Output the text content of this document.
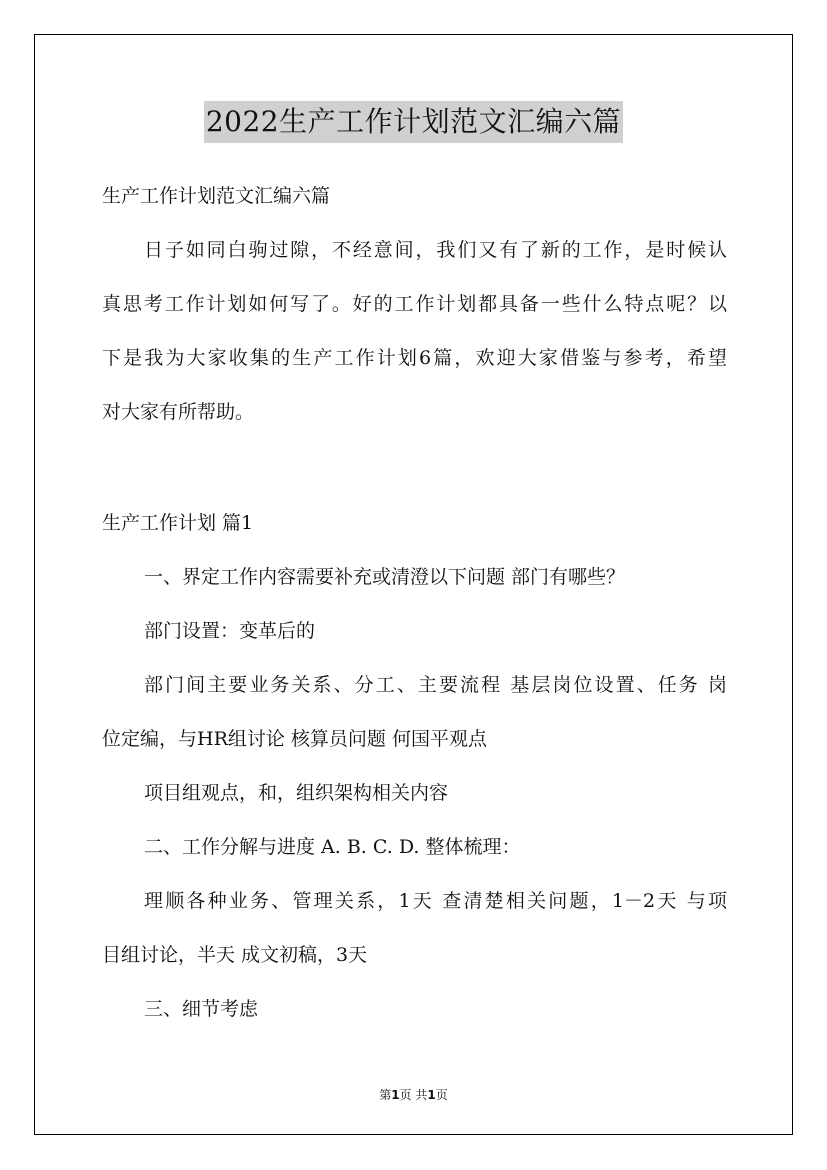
2022生产工作计划范文汇编六篇

生产工作计划范文汇编六篇

日子如同白驹过隙，不经意间，我们又有了新的工作，是时候认

真思考工作计划如何写了。好的工作计划都具备一些什么特点呢？以

下是我为大家收集的生产工作计划6篇，欢迎大家借鉴与参考，希望

对大家有所帮助。

生产工作计划 篇1

一、界定工作内容需要补充或清澄以下问题 部门有哪些？

部门设置：变革后的

部门间主要业务关系、分工、主要流程 基层岗位设置、任务 岗

位定编，与HR组讨论 核算员问题 何国平观点

项目组观点，和，组织架构相关内容

二、工作分解与进度 A. B. C. D. 整体梳理：

理顺各种业务、管理关系，1天 查清楚相关问题，1－2天 与项

目组讨论，半天 成文初稿，3天

三、细节考虑

第1页 共1页
